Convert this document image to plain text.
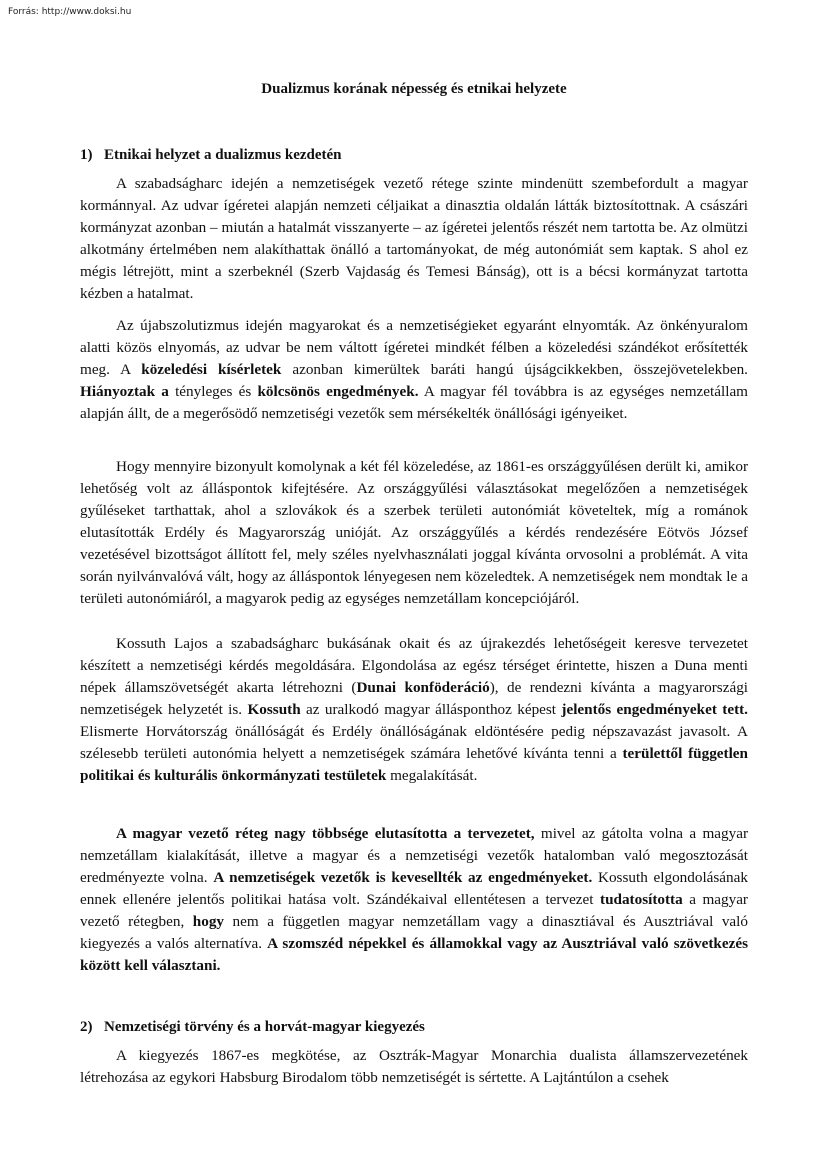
Forrás: http://www.doksi.hu
Dualizmus korának népesség és etnikai helyzete
1) Etnikai helyzet a dualizmus kezdetén

A szabadságharc idején a nemzetiségek vezető rétege szinte mindenütt szembefordult a magyar kormánnyal. Az udvar ígéretei alapján nemzeti céljaikat a dinasztia oldalán látták biztosítottnak. A császári kormányzat azonban – miután a hatalmát visszanyerte – az ígéretei jelentős részét nem tartotta be. Az olmützi alkotmány értelmében nem alakíthattak önálló a tartományokat, de még autonómiát sem kaptak. S ahol ez mégis létrejött, mint a szerbeknél (Szerb Vajdaság és Temesi Bánság), ott is a bécsi kormányzat tartotta kézben a hatalmat.

Az újabszolutizmus idején magyarokat és a nemzetiségieket egyaránt elnyomták. Az önkényuralom alatti közös elnyomás, az udvar be nem váltott ígéretei mindkét félben a közeledési szándékot erősítették meg. A közeledési kísérletek azonban kimerültek baráti hangú újságcikkekben, összejövetelekben. Hiányoztak a tényleges és kölcsönös engedmények. A magyar fél továbbra is az egységes nemzetállam alapján állt, de a megerősödő nemzetiségi vezetők sem mérsékelték önállósági igényeiket.

Hogy mennyire bizonyult komolynak a két fél közeledése, az 1861-es országgyűlésen derült ki, amikor lehetőség volt az álláspontok kifejtésére. Az országgyűlési választásokat megelőzően a nemzetiségek gyűléseket tarthattak, ahol a szlovákok és a szerbek területi autonómiát követeltek, míg a románok elutasították Erdély és Magyarország unióját. Az országgyűlés a kérdés rendezésére Eötvös József vezetésével bizottságot állított fel, mely széles nyelvhasználati joggal kívánta orvosolni a problémát. A vita során nyilvánvalóvá vált, hogy az álláspontok lényegesen nem közeledtek. A nemzetiségek nem mondtak le a területi autonómiáról, a magyarok pedig az egységes nemzetállam koncepciójáról.

Kossuth Lajos a szabadságharc bukásának okait és az újrakezdés lehetőségeit keresve tervezetet készített a nemzetiségi kérdés megoldására. Elgondolása az egész térséget érintette, hiszen a Duna menti népek államszövetségét akarta létrehozni (Dunai konföderáció), de rendezni kívánta a magyarországi nemzetiségek helyzetét is. Kossuth az uralkodó magyar állásponthoz képest jelentős engedményeket tett. Elismerte Horvátország önállóságát és Erdély önállóságának eldöntésére pedig népszavazást javasolt. A szélesebb területi autonómia helyett a nemzetiségek számára lehetővé kívánta tenni a területtől független politikai és kulturális önkormányzati testületek megalakítását.

A magyar vezető réteg nagy többsége elutasította a tervezetet, mivel az gátolta volna a magyar nemzetállam kialakítását, illetve a magyar és a nemzetiségi vezetők hatalomban való megosztozását eredményezte volna. A nemzetiségek vezetők is kevesellték az engedményeket. Kossuth elgondolásának ennek ellenére jelentős politikai hatása volt. Szándékaival ellentétesen a tervezet tudatosította a magyar vezető rétegben, hogy nem a független magyar nemzetállam vagy a dinasztiával és Ausztriával való kiegyezés a valós alternatíva. A szomszéd népekkel és államokkal vagy az Ausztriával való szövetkezés között kell választani.

2) Nemzetiségi törvény és a horvát-magyar kiegyezés

A kiegyezés 1867-es megkötése, az Osztrák-Magyar Monarchia dualista államszervezetének létrehozása az egykori Habsburg Birodalom több nemzetiségét is sértette. A Lajtántúlon a csehek
